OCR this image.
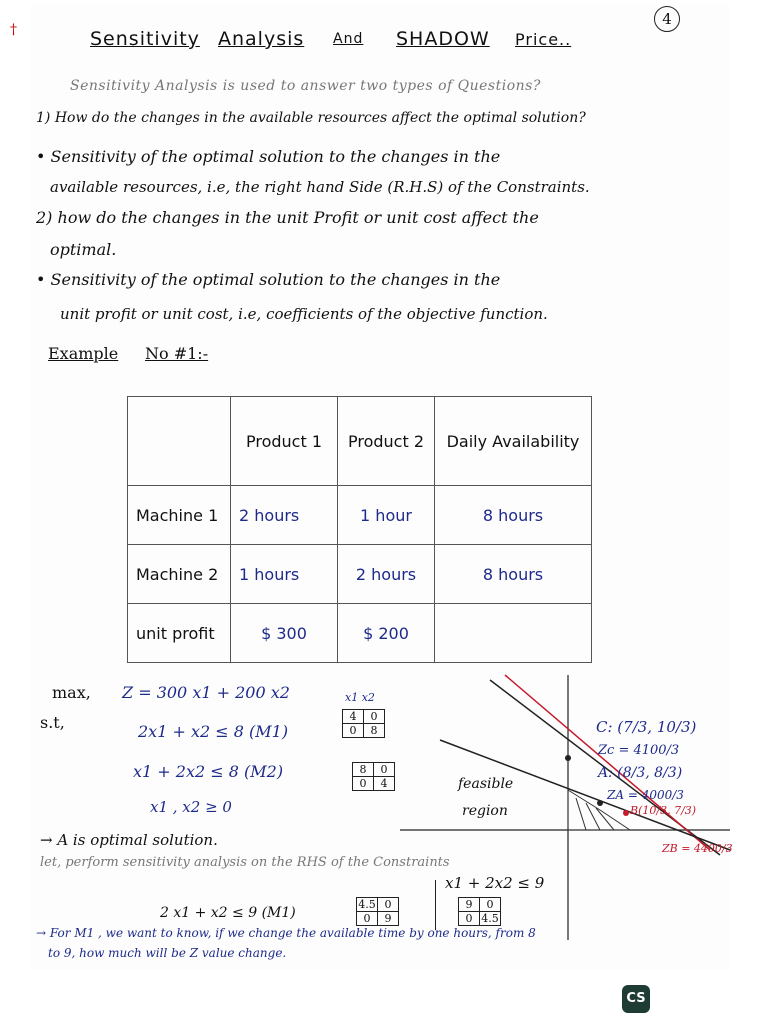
†
4
Sensitivity Analysis And SHADOW Price..
Sensitivity Analysis is used to answer two types of Questions?
1) How do the changes in the available resources affect the optimal solution?
• Sensitivity of the optimal solution to the changes in the
available resources, i.e, the right hand Side (R.H.S) of the Constraints.
2) how do the changes in the unit Profit or unit cost affect the
optimal.
• Sensitivity of the optimal solution to the changes in the
unit profit or unit cost, i.e, coefficients of the objective function.
Example No #1:-
	Product 1	Product 2	Daily Availability
Machine 1	2 hours	1 hour	8 hours
Machine 2	1 hours	2 hours	8 hours
unit profit	$ 300	$ 200	
max, Z = 300 x1 + 200 x2
s.t,
x1 x2
2x1 + x2 ≤ 8 (M1)
x1 + 2x2 ≤ 8 (M2)
x1 , x2 ≥ 0
4	0
0	8
8	0
0	4	feasible
region
C: (7/3, 10/3)
Zc = 4100/3
A: (8/3, 8/3)
ZA = 4000/3
B(10/3, 7/3)
ZB = 4400/3
→ A is optimal solution.
let, perform sensitivity analysis on the RHS of the Constraints
x1 + 2x2 ≤ 9
2 x1 + x2 ≤ 9 (M1)
4.5	0
0	9
9	0
0	4.5
→ For M1 , we want to know, if we change the available time by one hours, from 8
to 9, how much will be Z value change.
CS
